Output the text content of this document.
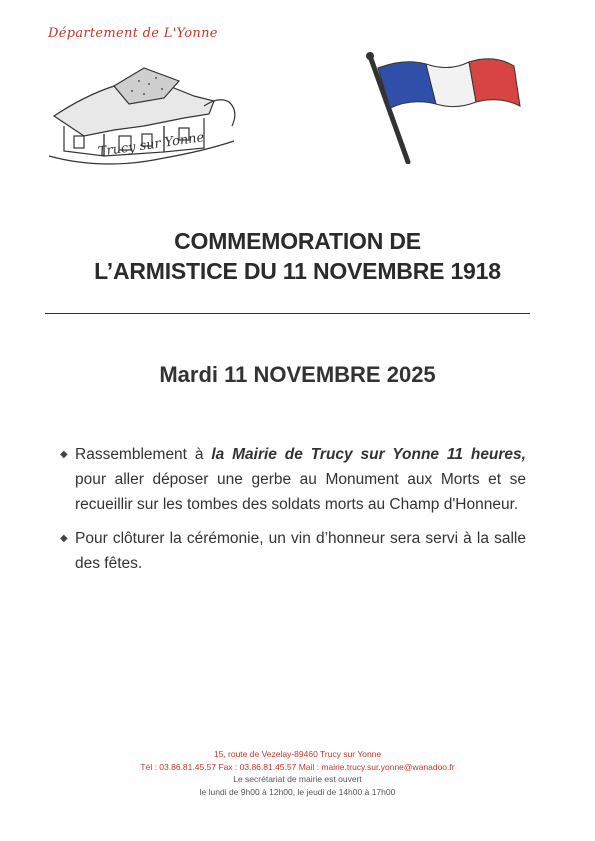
Département de L'Yonne
Trucy sur Yonne
COMMEMORATION DE
L’ARMISTICE DU 11 NOVEMBRE 1918
Mardi 11 NOVEMBRE 2025
◆ Rassemblement à la Mairie de Trucy sur Yonne 11 heures, pour aller déposer une gerbe au Monument aux Morts et se recueillir sur les tombes des soldats morts au Champ d'Honneur.
◆ Pour clôturer la cérémonie, un vin d’honneur sera servi à la salle des fêtes.
15, route de Vezelay-89460 Trucy sur Yonne
Tél : 03.86.81.45.57 Fax : 03.86.81.45.57 Mail : mairie.trucy.sur.yonne@wanadoo.fr
Le secrétariat de mairie est ouvert
le lundi de 9h00 à 12h00, le jeudi de 14h00 à 17h00
